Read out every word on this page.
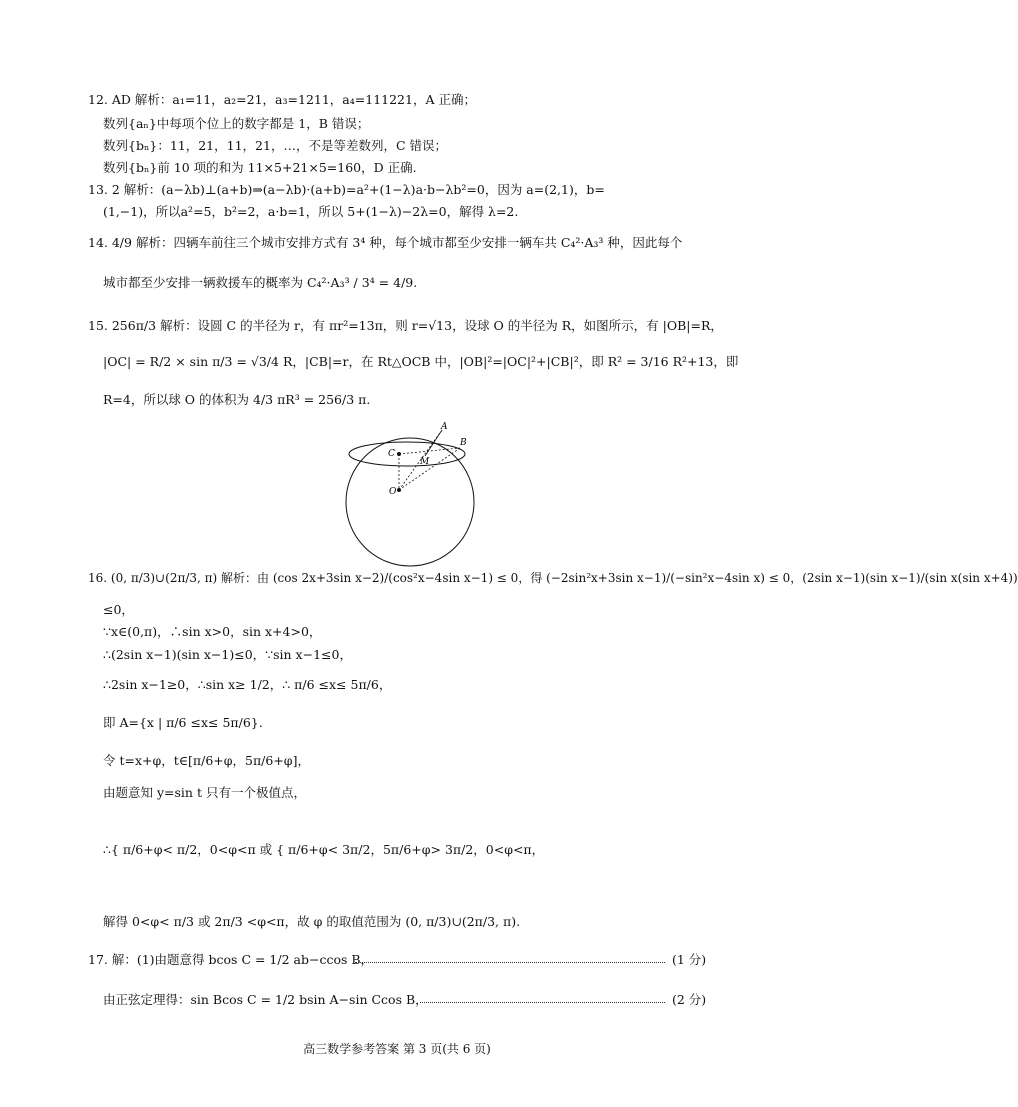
12. AD 解析：a₁=11，a₂=21，a₃=1211，a₄=111221，A 正确；
数列{aₙ}中每项个位上的数字都是 1，B 错误；
数列{bₙ}：11，21，11，21，…，不是等差数列，C 错误；
数列{bₙ}前 10 项的和为 11×5+21×5=160，D 正确.
13. 2 解析：(a−λb)⊥(a+b)⇒(a−λb)·(a+b)=a²+(1−λ)a·b−λb²=0，因为 a=(2,1)，b=
(1,−1)，所以a²=5，b²=2，a·b=1，所以 5+(1−λ)−2λ=0，解得 λ=2.
14. 4/9 解析：四辆车前往三个城市安排方式有 3⁴ 种，每个城市都至少安排一辆车共 C₄²·A₃³ 种，因此每个
城市都至少安排一辆救援车的概率为 C₄²·A₃³ / 3⁴ = 4/9.
15. 256π/3 解析：设圆 C 的半径为 r，有 πr²=13π，则 r=√13，设球 O 的半径为 R，如图所示，有 |OB|=R，
|OC| = R/2 × sin π/3 = √3/4 R，|CB|=r，在 Rt△OCB 中，|OB|²=|OC|²+|CB|²，即 R² = 3/16 R²+13，即
R=4，所以球 O 的体积为 4/3 πR³ = 256/3 π.
A
B
C
M
O
16. (0, π/3)∪(2π/3, π) 解析：由 (cos 2x+3sin x−2)/(cos²x−4sin x−1) ≤ 0，得 (−2sin²x+3sin x−1)/(−sin²x−4sin x) ≤ 0，(2sin x−1)(sin x−1)/(sin x(sin x+4))
≤0，
∵x∈(0,π)，∴sin x>0，sin x+4>0，
∴(2sin x−1)(sin x−1)≤0，∵sin x−1≤0，
∴2sin x−1≥0，∴sin x≥ 1/2，∴ π/6 ≤x≤ 5π/6，
即 A={x | π/6 ≤x≤ 5π/6}.
令 t=x+φ，t∈[π/6+φ，5π/6+φ]，
由题意知 y=sin t 只有一个极值点，
∴{ π/6+φ< π/2，0<φ<π 或 { π/6+φ< 3π/2，5π/6+φ> 3π/2，0<φ<π，
解得 0<φ< π/3 或 2π/3 <φ<π，故 φ 的取值范围为 (0, π/3)∪(2π/3, π).
17. 解：(1)由题意得 bcos C = 1/2 ab−ccos B，	(1 分)
由正弦定理得：sin Bcos C = 1/2 bsin A−sin Ccos B，	(2 分)
高三数学参考答案 第 3 页(共 6 页)
